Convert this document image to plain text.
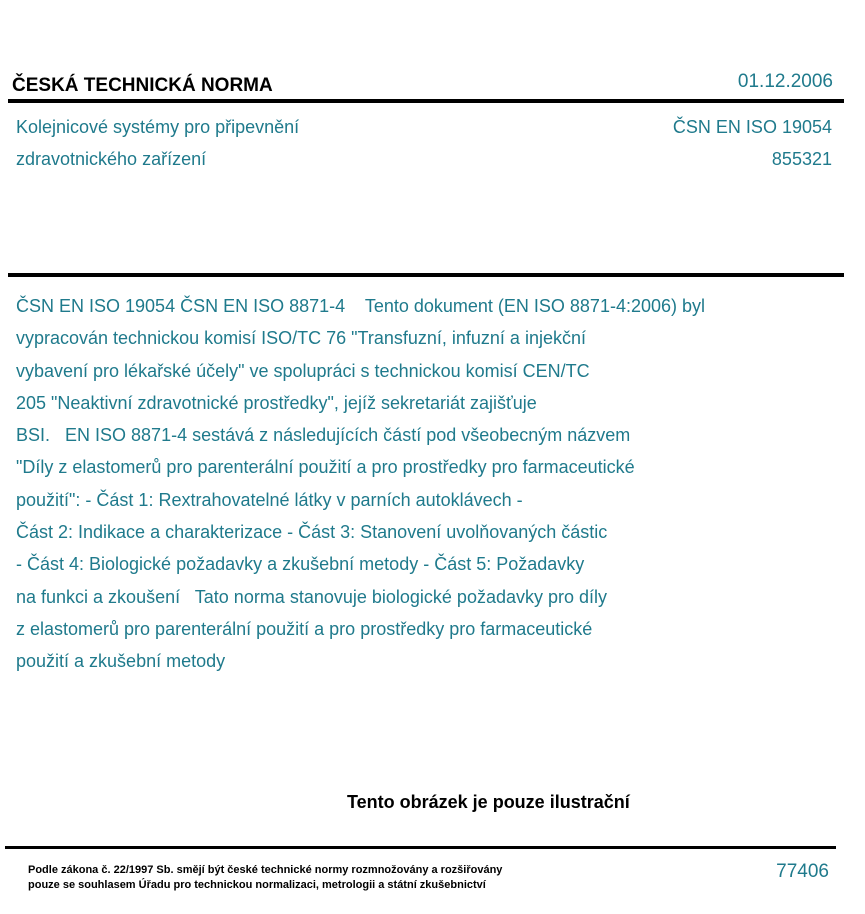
ČESKÁ TECHNICKÁ NORMA	01.12.2006
Kolejnicové systémy pro připevnění
zdravotnického zařízení
ČSN EN ISO 19054
855321
ČSN EN ISO 19054 ČSN EN ISO 8871-4    Tento dokument (EN ISO 8871-4:2006) byl
vypracován technickou komisí ISO/TC 76 "Transfuzní, infuzní a injekční
vybavení pro lékařské účely" ve spolupráci s technickou komisí CEN/TC
205 "Neaktivní zdravotnické prostředky", jejíž sekretariát zajišťuje
BSI.   EN ISO 8871-4 sestává z následujících částí pod všeobecným názvem
"Díly z elastomerů pro parenterální použití a pro prostředky pro farmaceutické
použití": - Část 1: Rextrahovatelné látky v parních autoklávech -
Část 2: Indikace a charakterizace - Část 3: Stanovení uvolňovaných částic
- Část 4: Biologické požadavky a zkušební metody - Část 5: Požadavky
na funkci a zkoušení   Tato norma stanovuje biologické požadavky pro díly
z elastomerů pro parenterální použití a pro prostředky pro farmaceutické
použití a zkušební metody
Tento obrázek je pouze ilustrační
Podle zákona č. 22/1997 Sb. smějí být české technické normy rozmnožovány a rozšiřovány
pouze se souhlasem Úřadu pro technickou normalizaci, metrologii a státní zkušebnictví
77406
